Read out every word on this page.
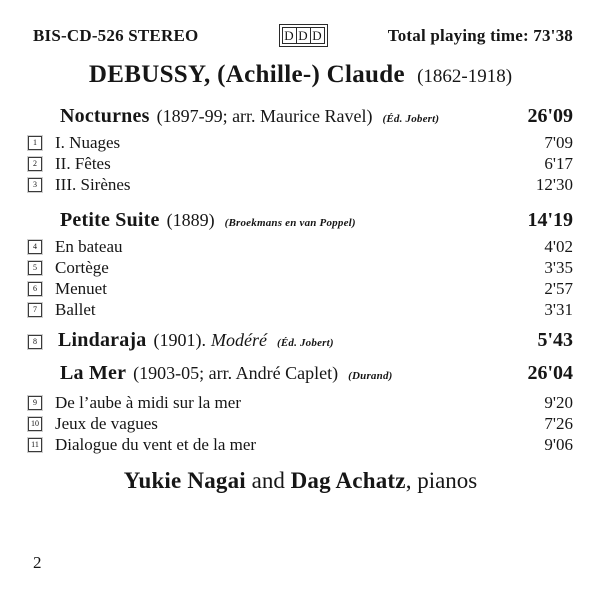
BIS-CD-526 STEREO	D D D	Total playing time: 73'38
DEBUSSY, (Achille-) Claude (1862-1918)
Nocturnes (1897-99; arr. Maurice Ravel) (Éd. Jobert)	26'09
1 I. Nuages	7'09
2 II. Fêtes	6'17
3 III. Sirènes	12'30
Petite Suite (1889) (Broekmans en van Poppel)	14'19
4 En bateau	4'02
5 Cortège	3'35
6 Menuet	2'57
7 Ballet	3'31
8 Lindaraja (1901). Modéré (Éd. Jobert)	5'43
La Mer (1903-05; arr. André Caplet) (Durand)	26'04
9 De l’aube à midi sur la mer	9'20
10 Jeux de vagues	7'26
11 Dialogue du vent et de la mer	9'06
Yukie Nagai and Dag Achatz, pianos
2
